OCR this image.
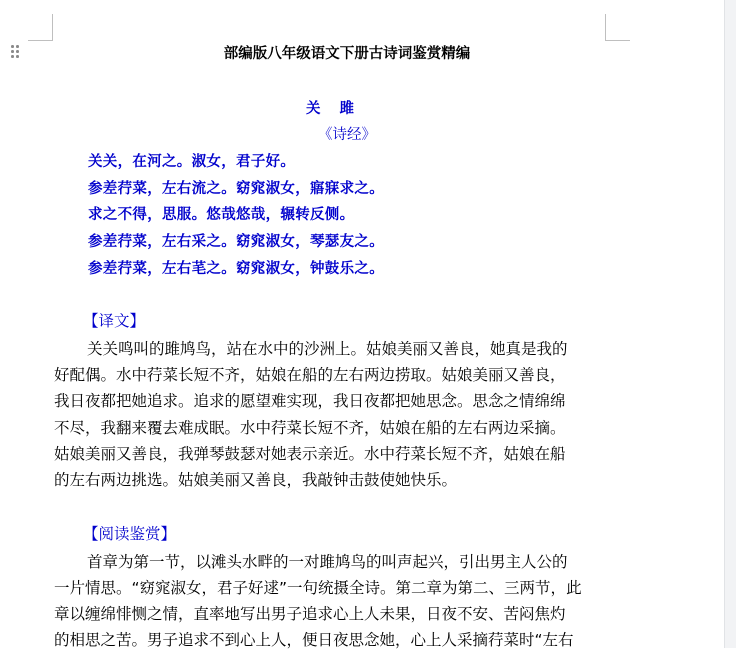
部编版八年级语文下册古诗词鉴赏精编
关 雎
《诗经》
关关，在河之。淑女，君子好。
参差荇菜，左右流之。窈窕淑女，寤寐求之。
求之不得，思服。悠哉悠哉，辗转反侧。
参差荇菜，左右采之。窈窕淑女，琴瑟友之。
参差荇菜，左右芼之。窈窕淑女，钟鼓乐之。
【译文】
关关鸣叫的雎鸠鸟，站在水中的沙洲上。姑娘美丽又善良，她真是我的
好配偶。水中荇菜长短不齐，姑娘在船的左右两边捞取。姑娘美丽又善良，
我日夜都把她追求。追求的愿望难实现，我日夜都把她思念。思念之情绵绵
不尽，我翻来覆去难成眠。水中荇菜长短不齐，姑娘在船的左右两边采摘。
姑娘美丽又善良，我弹琴鼓瑟对她表示亲近。水中荇菜长短不齐，姑娘在船
的左右两边挑选。姑娘美丽又善良，我敲钟击鼓使她快乐。
【阅读鉴赏】
首章为第一节，以滩头水畔的一对雎鸠鸟的叫声起兴，引出男主人公的
一片情思。“窈窕淑女，君子好逑”一句统摄全诗。第二章为第二、三两节，此
章以缠绵悱恻之情，直率地写出男子追求心上人未果，日夜不安、苦闷焦灼
的相思之苦。男子追求不到心上人，便日夜思念她，心上人采摘荇菜时“左右
